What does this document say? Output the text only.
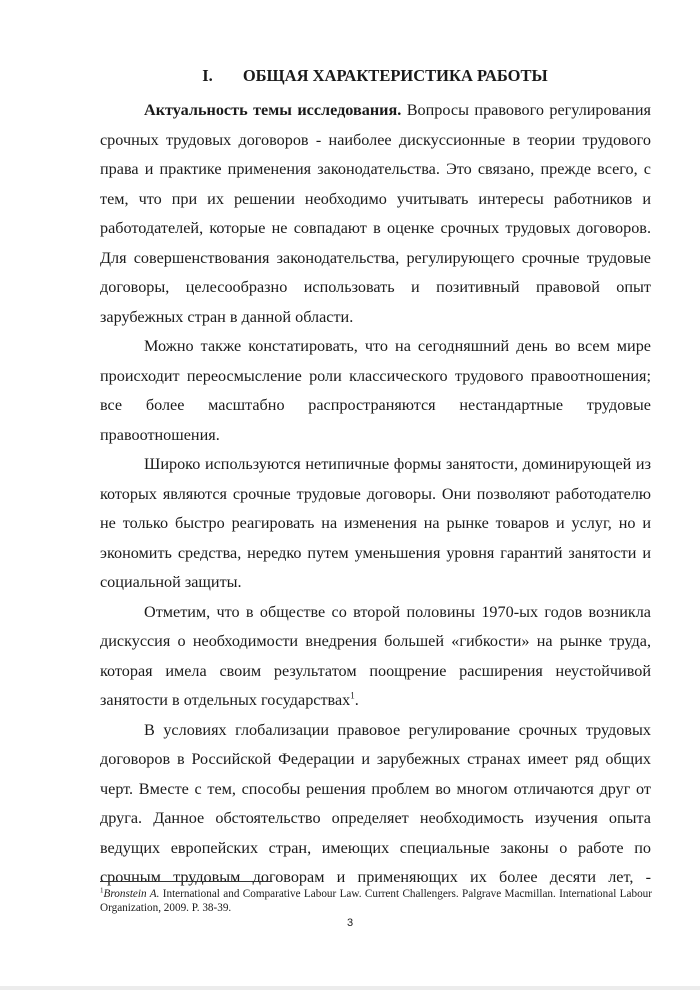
I. ОБЩАЯ ХАРАКТЕРИСТИКА РАБОТЫ

Актуальность темы исследования. Вопросы правового регулирования срочных трудовых договоров - наиболее дискуссионные в теории трудового права и практике применения законодательства. Это связано, прежде всего, с тем, что при их решении необходимо учитывать интересы работников и работодателей, которые не совпадают в оценке срочных трудовых договоров. Для совершенствования законодательства, регулирующего срочные трудовые договоры, целесообразно использовать и позитивный правовой опыт зарубежных стран в данной области.

Можно также констатировать, что на сегодняшний день во всем мире происходит переосмысление роли классического трудового правоотношения; все более масштабно распространяются нестандартные трудовые правоотношения.

Широко используются нетипичные формы занятости, доминирующей из которых являются срочные трудовые договоры. Они позволяют работодателю не только быстро реагировать на изменения на рынке товаров и услуг, но и экономить средства, нередко путем уменьшения уровня гарантий занятости и социальной защиты.

Отметим, что в обществе со второй половины 1970-ых годов возникла дискуссия о необходимости внедрения большей «гибкости» на рынке труда, которая имела своим результатом поощрение расширения неустойчивой занятости в отдельных государствах$^1$.

В условиях глобализации правовое регулирование срочных трудовых договоров в Российской Федерации и зарубежных странах имеет ряд общих черт. Вместе с тем, способы решения проблем во многом отличаются друг от друга. Данное обстоятельство определяет необходимость изучения опыта ведущих европейских стран, имеющих специальные законы о работе по срочным трудовым договорам и применяющих их более десяти лет, -

$^1$Bronstein A. International and Comparative Labour Law. Current Challengers. Palgrave Macmillan. International Labour Organization, 2009. P. 38-39.
3
